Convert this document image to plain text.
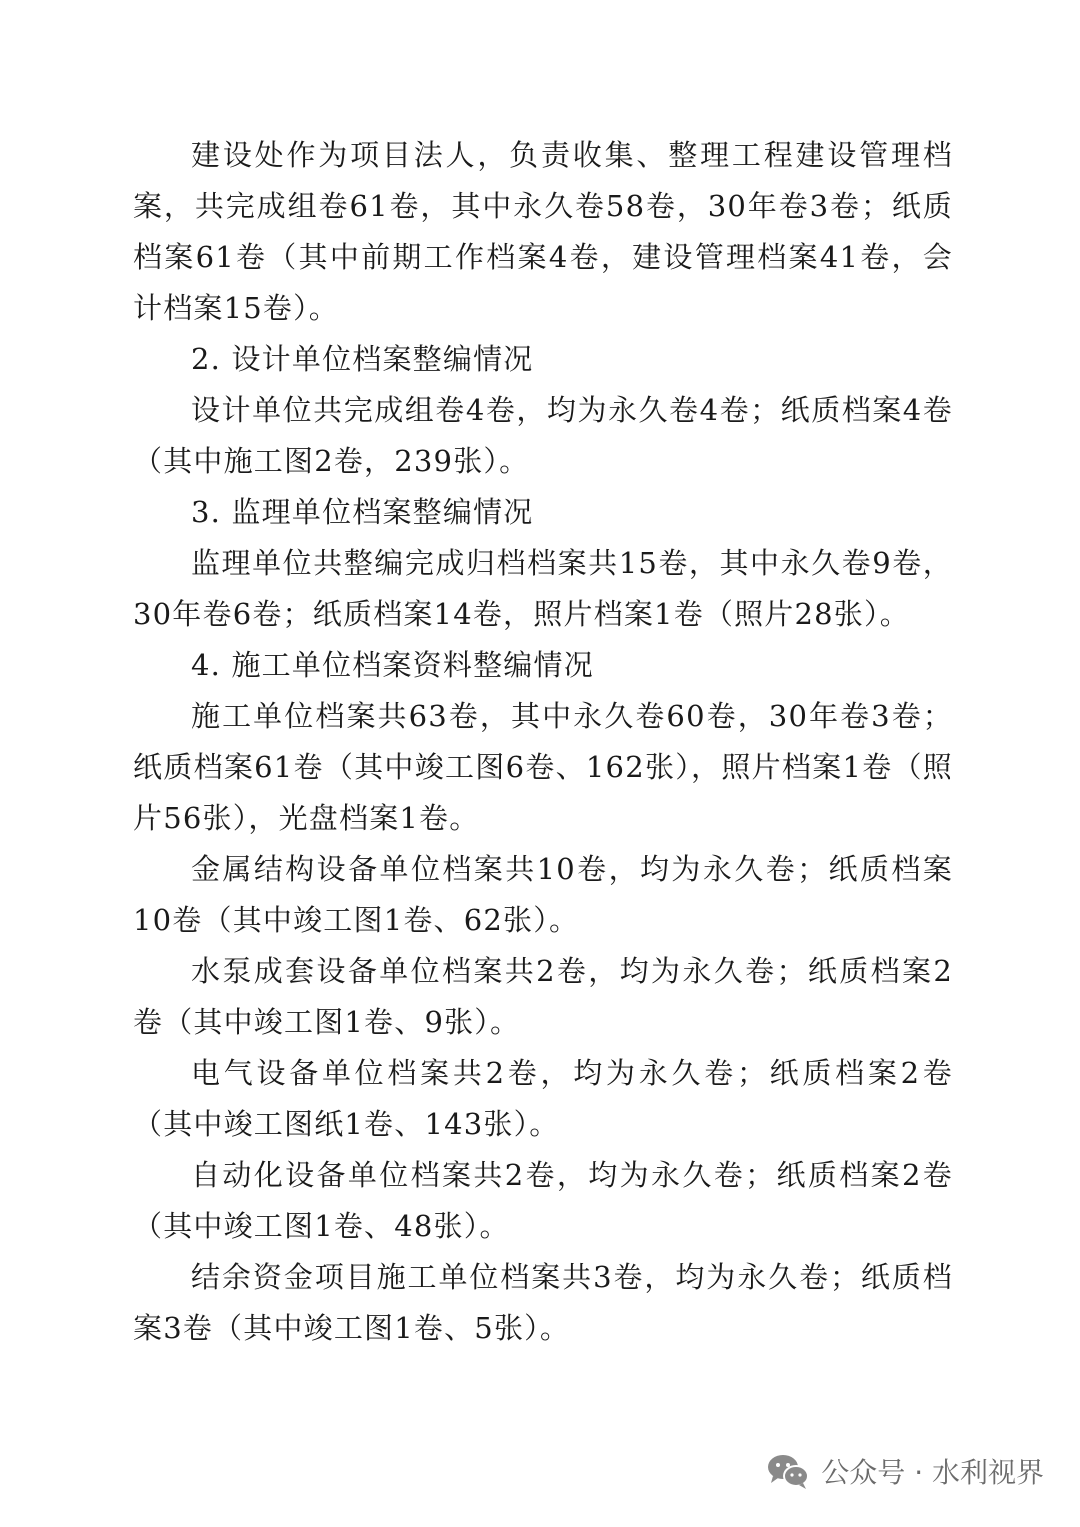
建设处作为项目法人，负责收集、整理工程建设管理档案，共完成组卷61卷，其中永久卷58卷，30年卷3卷；纸质档案61卷（其中前期工作档案4卷，建设管理档案41卷，会计档案15卷）。

2. 设计单位档案整编情况

设计单位共完成组卷4卷，均为永久卷4卷；纸质档案4卷（其中施工图2卷，239张）。

3. 监理单位档案整编情况

监理单位共整编完成归档档案共15卷，其中永久卷9卷，30年卷6卷；纸质档案14卷，照片档案1卷（照片28张）。

4. 施工单位档案资料整编情况

施工单位档案共63卷，其中永久卷60卷，30年卷3卷；纸质档案61卷（其中竣工图6卷、162张），照片档案1卷（照片56张），光盘档案1卷。

金属结构设备单位档案共10卷，均为永久卷；纸质档案10卷（其中竣工图1卷、62张）。

水泵成套设备单位档案共2卷，均为永久卷；纸质档案2卷（其中竣工图1卷、9张）。

电气设备单位档案共2卷，均为永久卷；纸质档案2卷（其中竣工图纸1卷、143张）。

自动化设备单位档案共2卷，均为永久卷；纸质档案2卷（其中竣工图1卷、48张）。

结余资金项目施工单位档案共3卷，均为永久卷；纸质档案3卷（其中竣工图1卷、5张）。

公众号 · 水利视界
